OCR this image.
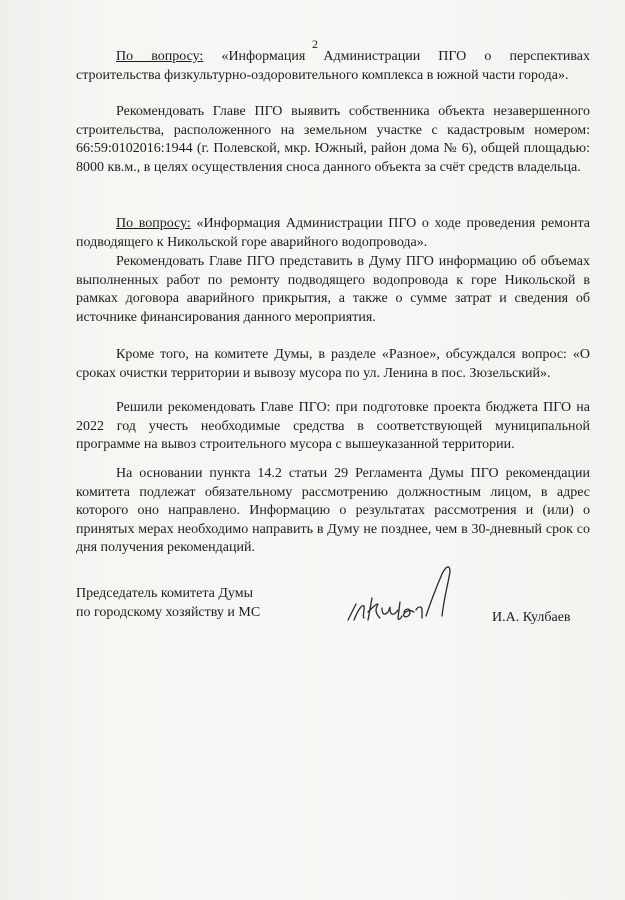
2
По вопросу: «Информация Администрации ПГО о перспективах строительства физкультурно-оздоровительного комплекса в южной части города».
Рекомендовать Главе ПГО выявить собственника объекта незавершенного строительства, расположенного на земельном участке с кадастровым номером: 66:59:0102016:1944 (г. Полевской, мкр. Южный, район дома № 6), общей площадью: 8000 кв.м., в целях осуществления сноса данного объекта за счёт средств владельца.
По вопросу: «Информация Администрации ПГО о ходе проведения ремонта подводящего к Никольской горе аварийного водопровода».
Рекомендовать Главе ПГО представить в Думу ПГО информацию об объемах выполненных работ по ремонту подводящего водопровода к горе Никольской в рамках договора аварийного прикрытия, а также о сумме затрат и сведения об источнике финансирования данного мероприятия.
Кроме того, на комитете Думы, в разделе «Разное», обсуждался вопрос: «О сроках очистки территории и вывозу мусора по ул. Ленина в пос. Зюзельский».
Решили рекомендовать Главе ПГО: при подготовке проекта бюджета ПГО на 2022 год учесть необходимые средства в соответствующей муниципальной программе на вывоз строительного мусора с вышеуказанной территории.
На основании пункта 14.2 статьи 29 Регламента Думы ПГО рекомендации комитета подлежат обязательному рассмотрению должностным лицом, в адрес которого оно направлено. Информацию о результатах рассмотрения и (или) о принятых мерах необходимо направить в Думу не позднее, чем в 30-дневный срок со дня получения рекомендаций.
Председатель комитета Думы
по городскому хозяйству и МС	И.А. Кулбаев
